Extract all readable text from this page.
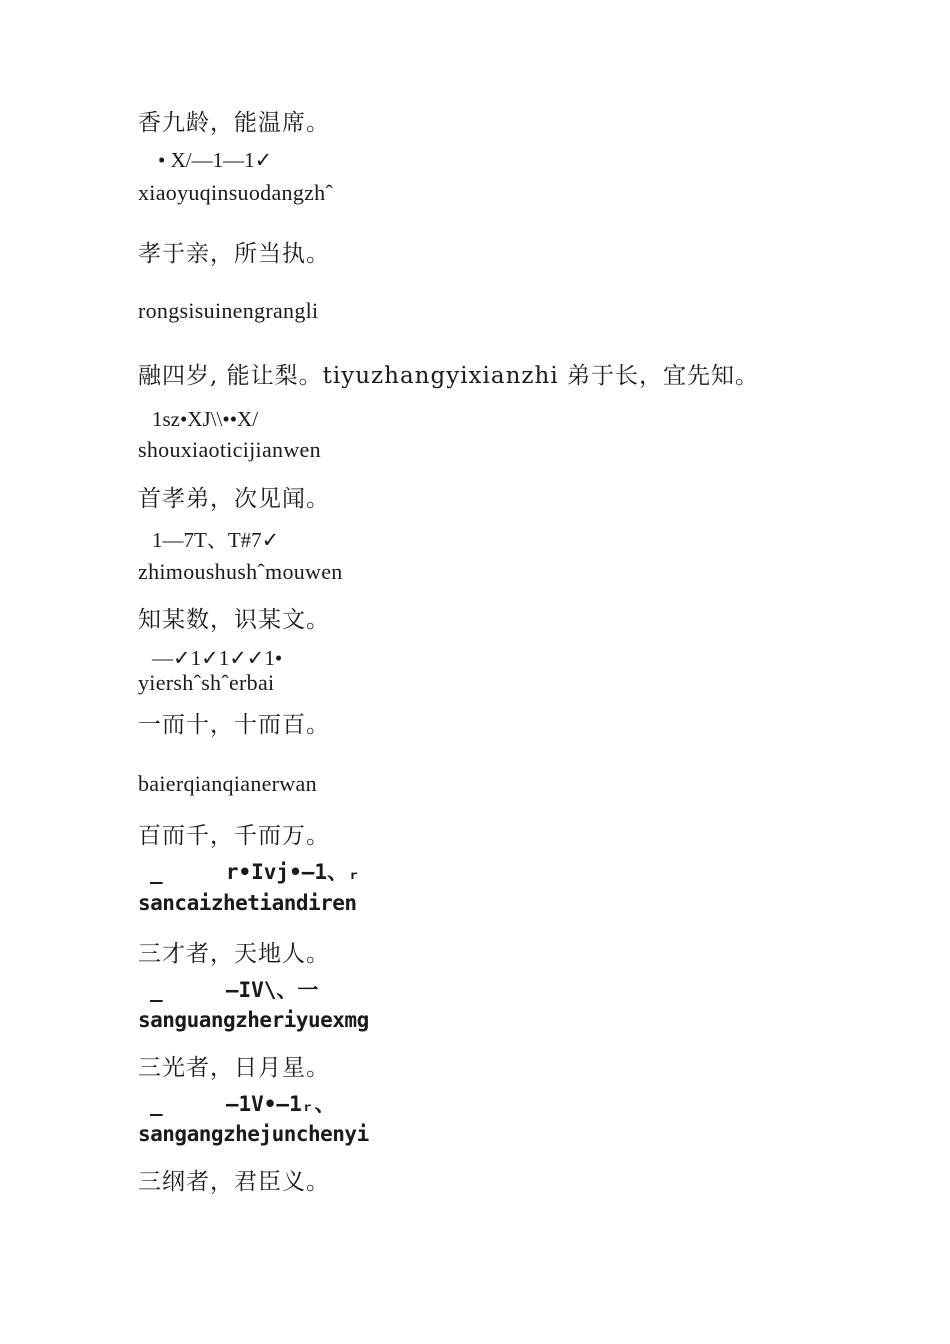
香九龄，能温席。
• X/—1—1✓
xiaoyuqinsuodangzhˆ
孝于亲，所当执。
rongsisuinengrangli
融四岁, 能让梨。tiyuzhangyixianzhi 弟于长，宜先知。
1sz•XJ\\••X/
shouxiaoticijianwen
首孝弟，次见闻。
1—7T、T#7✓
zhimoushushˆmouwen
知某数，识某文。
—✓1✓1✓✓1•
yiershˆshˆerbai
一而十，十而百。
baierqianqianerwan
百而千，千而万。
_     r•Ivj•—1、ᵣ
sancaizhetiandiren
三才者，天地人。
_     —IV\、一
sanguangzheriyuexmg
三光者，日月星。
_     —1V•—1ᵣ、
sangangzhejunchenyi
三纲者，君臣义。
